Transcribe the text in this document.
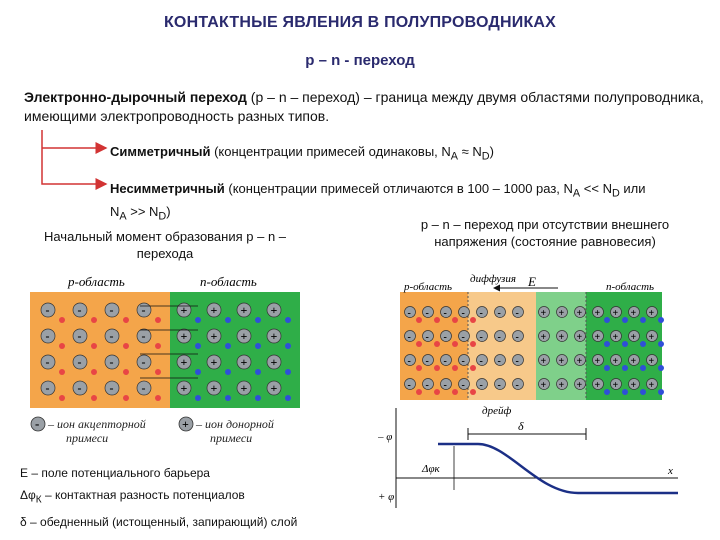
КОНТАКТНЫЕ ЯВЛЕНИЯ В ПОЛУПРОВОДНИКАХ
p – n - переход
Электронно-дырочный переход (p – n – переход) – граница между двумя областями полупроводника, имеющими электропроводность разных типов.
Симметричный (концентрации примесей одинаковы, $N_A \approx N_D$)
Несимметричный (концентрации примесей отличаются в 100 – 1000 раз, $N_A << N_D$ или
$N_A >> N_D$)
Начальный момент образования p – n – перехода
p – n – переход при отсутствии внешнего напряжения (состояние равновесия)
p-область	n-область
- - - -	+ + + +
- - - -	+ + + +
- - - -	+ + + +
- - - -	+ + + +
-	+
– ион акцепторной
примеси
– ион донорной
примеси
p-область	n-область
диффузия E
- - - - - - - + + + + + + +
- - - - - - - + + + + + + +
- - - - - - - + + + + + + +
- - - - - - - + + + + + + +
дрейф
δ
x
– φ
+ φ
Δφк
Е – поле потенциального барьера
$\Delta\varphi_К$ – контактная разность потенциалов
δ – обедненный (истощенный, запирающий) слой
